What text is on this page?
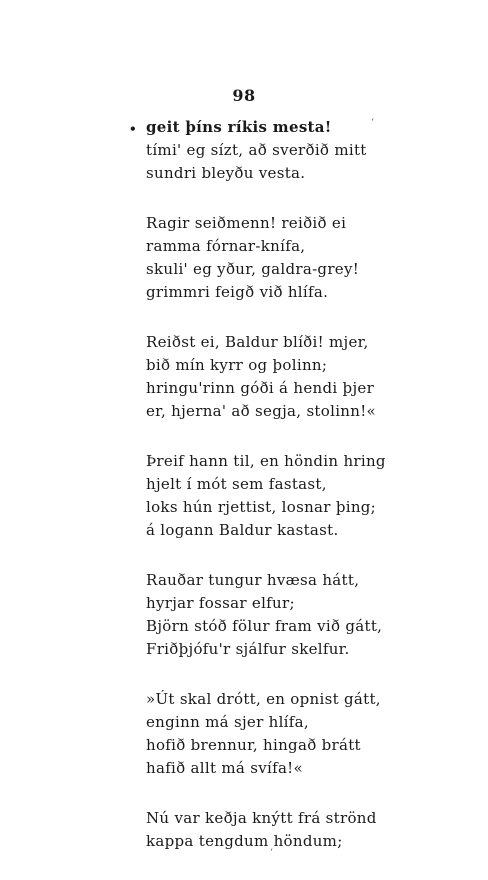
98
• geit þíns ríkis mesta!
tími' eg sízt, að sverðið mitt
sundri bleyðu vesta.
Ragir seiðmenn! reiðið ei
ramma fórnar-knífa,
skuli' eg yður, galdra-grey!
grimmri feigð við hlífa.
Reiðst ei, Baldur blíði! mjer,
bið mín kyrr og þolinn;
hringu'rinn góði á hendi þjer
er, hjerna' að segja, stolinn!«
Þreif hann til, en höndin hring
hjelt í mót sem fastast,
loks hún rjettist, losnar þing;
á logann Baldur kastast.
Rauðar tungur hvæsa hátt,
hyrjar fossar elfur;
Björn stóð fölur fram við gátt,
Friðþjófu'r sjálfur skelfur.
»Út skal drótt, en opnist gátt,
enginn má sjer hlífa,
hofið brennur, hingað brátt
hafið allt má svífa!«
Nú var keðja knýtt frá strönd
kappa tengdum höndum;
‘
‘
